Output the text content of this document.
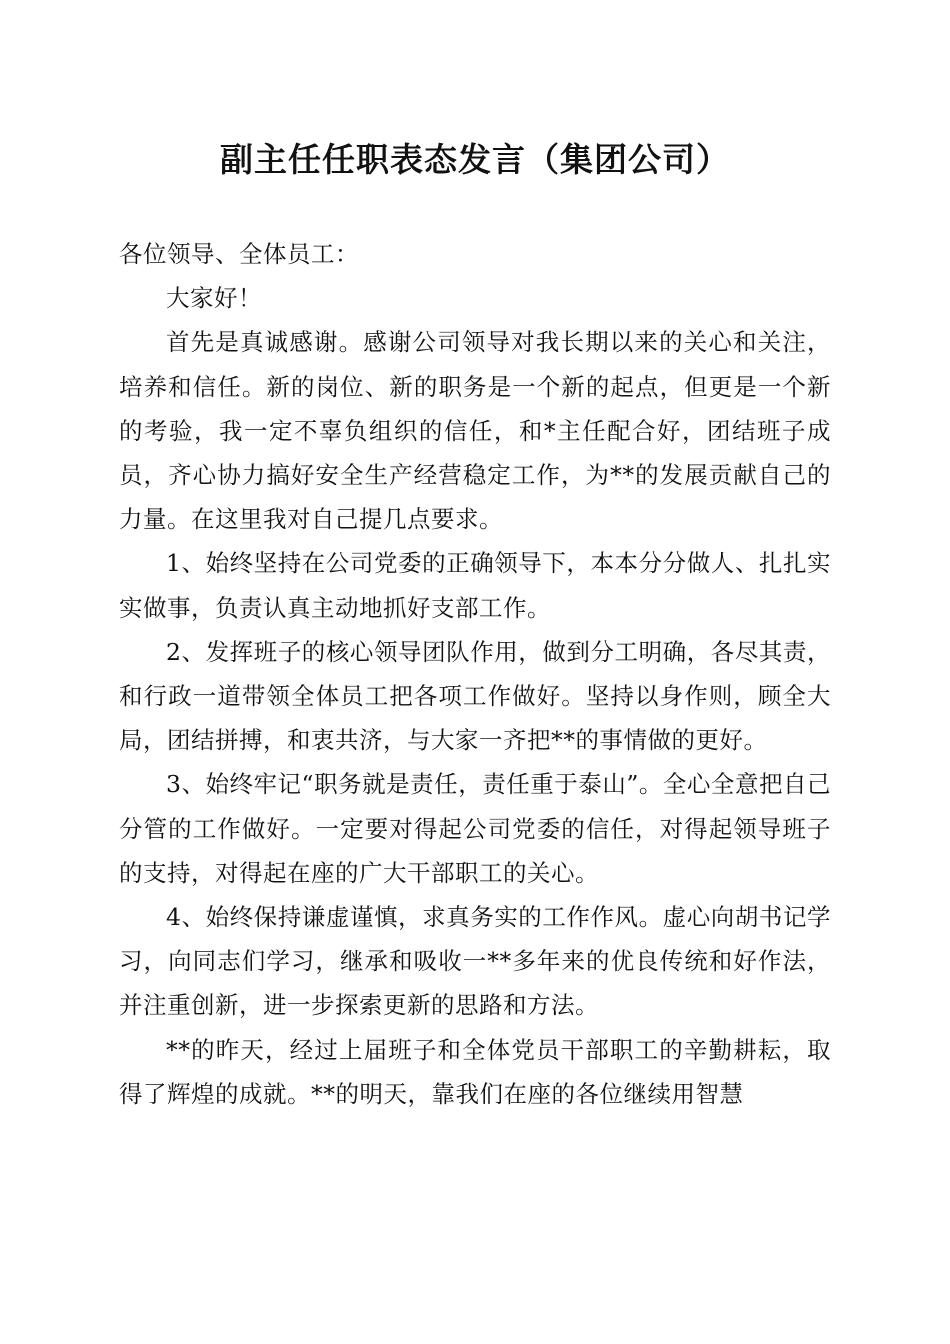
副主任任职表态发言（集团公司）

各位领导、全体员工：

大家好！

首先是真诚感谢。感谢公司领导对我长期以来的关心和关注，培养和信任。新的岗位、新的职务是一个新的起点，但更是一个新的考验，我一定不辜负组织的信任，和*主任配合好，团结班子成员，齐心协力搞好安全生产经营稳定工作，为**的发展贡献自己的力量。在这里我对自己提几点要求。

1、始终坚持在公司党委的正确领导下，本本分分做人、扎扎实实做事，负责认真主动地抓好支部工作。

2、发挥班子的核心领导团队作用，做到分工明确，各尽其责，和行政一道带领全体员工把各项工作做好。坚持以身作则，顾全大局，团结拼搏，和衷共济，与大家一齐把**的事情做的更好。

3、始终牢记“职务就是责任，责任重于泰山”。全心全意把自己分管的工作做好。一定要对得起公司党委的信任，对得起领导班子的支持，对得起在座的广大干部职工的关心。

4、始终保持谦虚谨慎，求真务实的工作作风。虚心向胡书记学习，向同志们学习，继承和吸收一**多年来的优良传统和好作法，并注重创新，进一步探索更新的思路和方法。

**的昨天，经过上届班子和全体党员干部职工的辛勤耕耘，取得了辉煌的成就。**的明天，靠我们在座的各位继续用智慧
